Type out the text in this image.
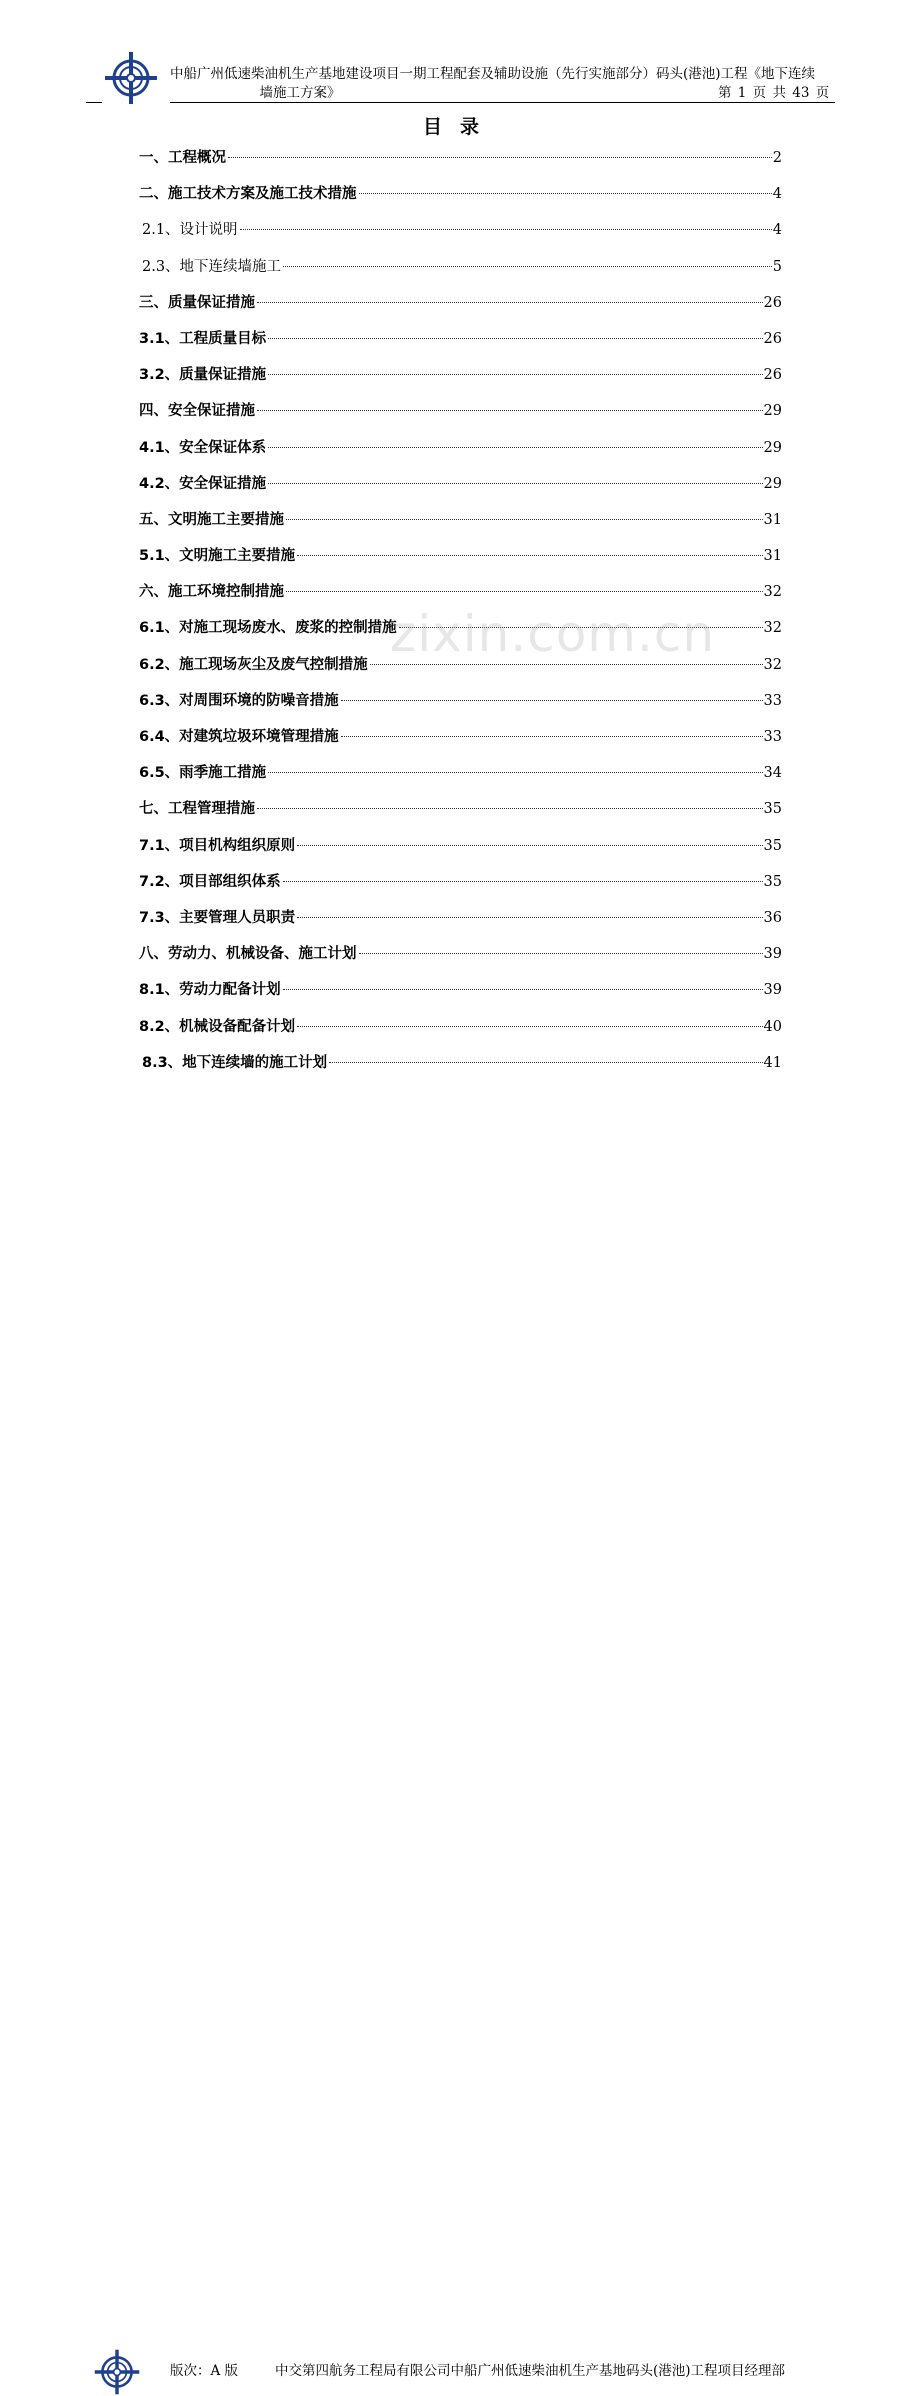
中船广州低速柴油机生产基地建设项目一期工程配套及辅助设施（先行实施部分）码头(港池)工程《地下连续
墙施工方案》	第 1 页 共 43 页
目录
一、工程概况	2
二、施工技术方案及施工技术措施	4
2.1、设计说明	4
2.3、地下连续墙施工	5
三、质量保证措施	26
3.1、工程质量目标	26
3.2、质量保证措施	26
四、安全保证措施	29
4.1、安全保证体系	29
4.2、安全保证措施	29
五、文明施工主要措施	31
5.1、文明施工主要措施	31
六、施工环境控制措施	32
6.1、对施工现场废水、废浆的控制措施	32
6.2、施工现场灰尘及废气控制措施	32
6.3、对周围环境的防噪音措施	33
6.4、对建筑垃圾环境管理措施	33
6.5、雨季施工措施	34
七、工程管理措施	35
7.1、项目机构组织原则	35
7.2、项目部组织体系	35
7.3、主要管理人员职责	36
八、劳动力、机械设备、施工计划	39
8.1、劳动力配备计划	39
8.2、机械设备配备计划	40
8.3、地下连续墙的施工计划	41
zixin.com.cn
版次：A 版	中交第四航务工程局有限公司中船广州低速柴油机生产基地码头(港池)工程项目经理部
